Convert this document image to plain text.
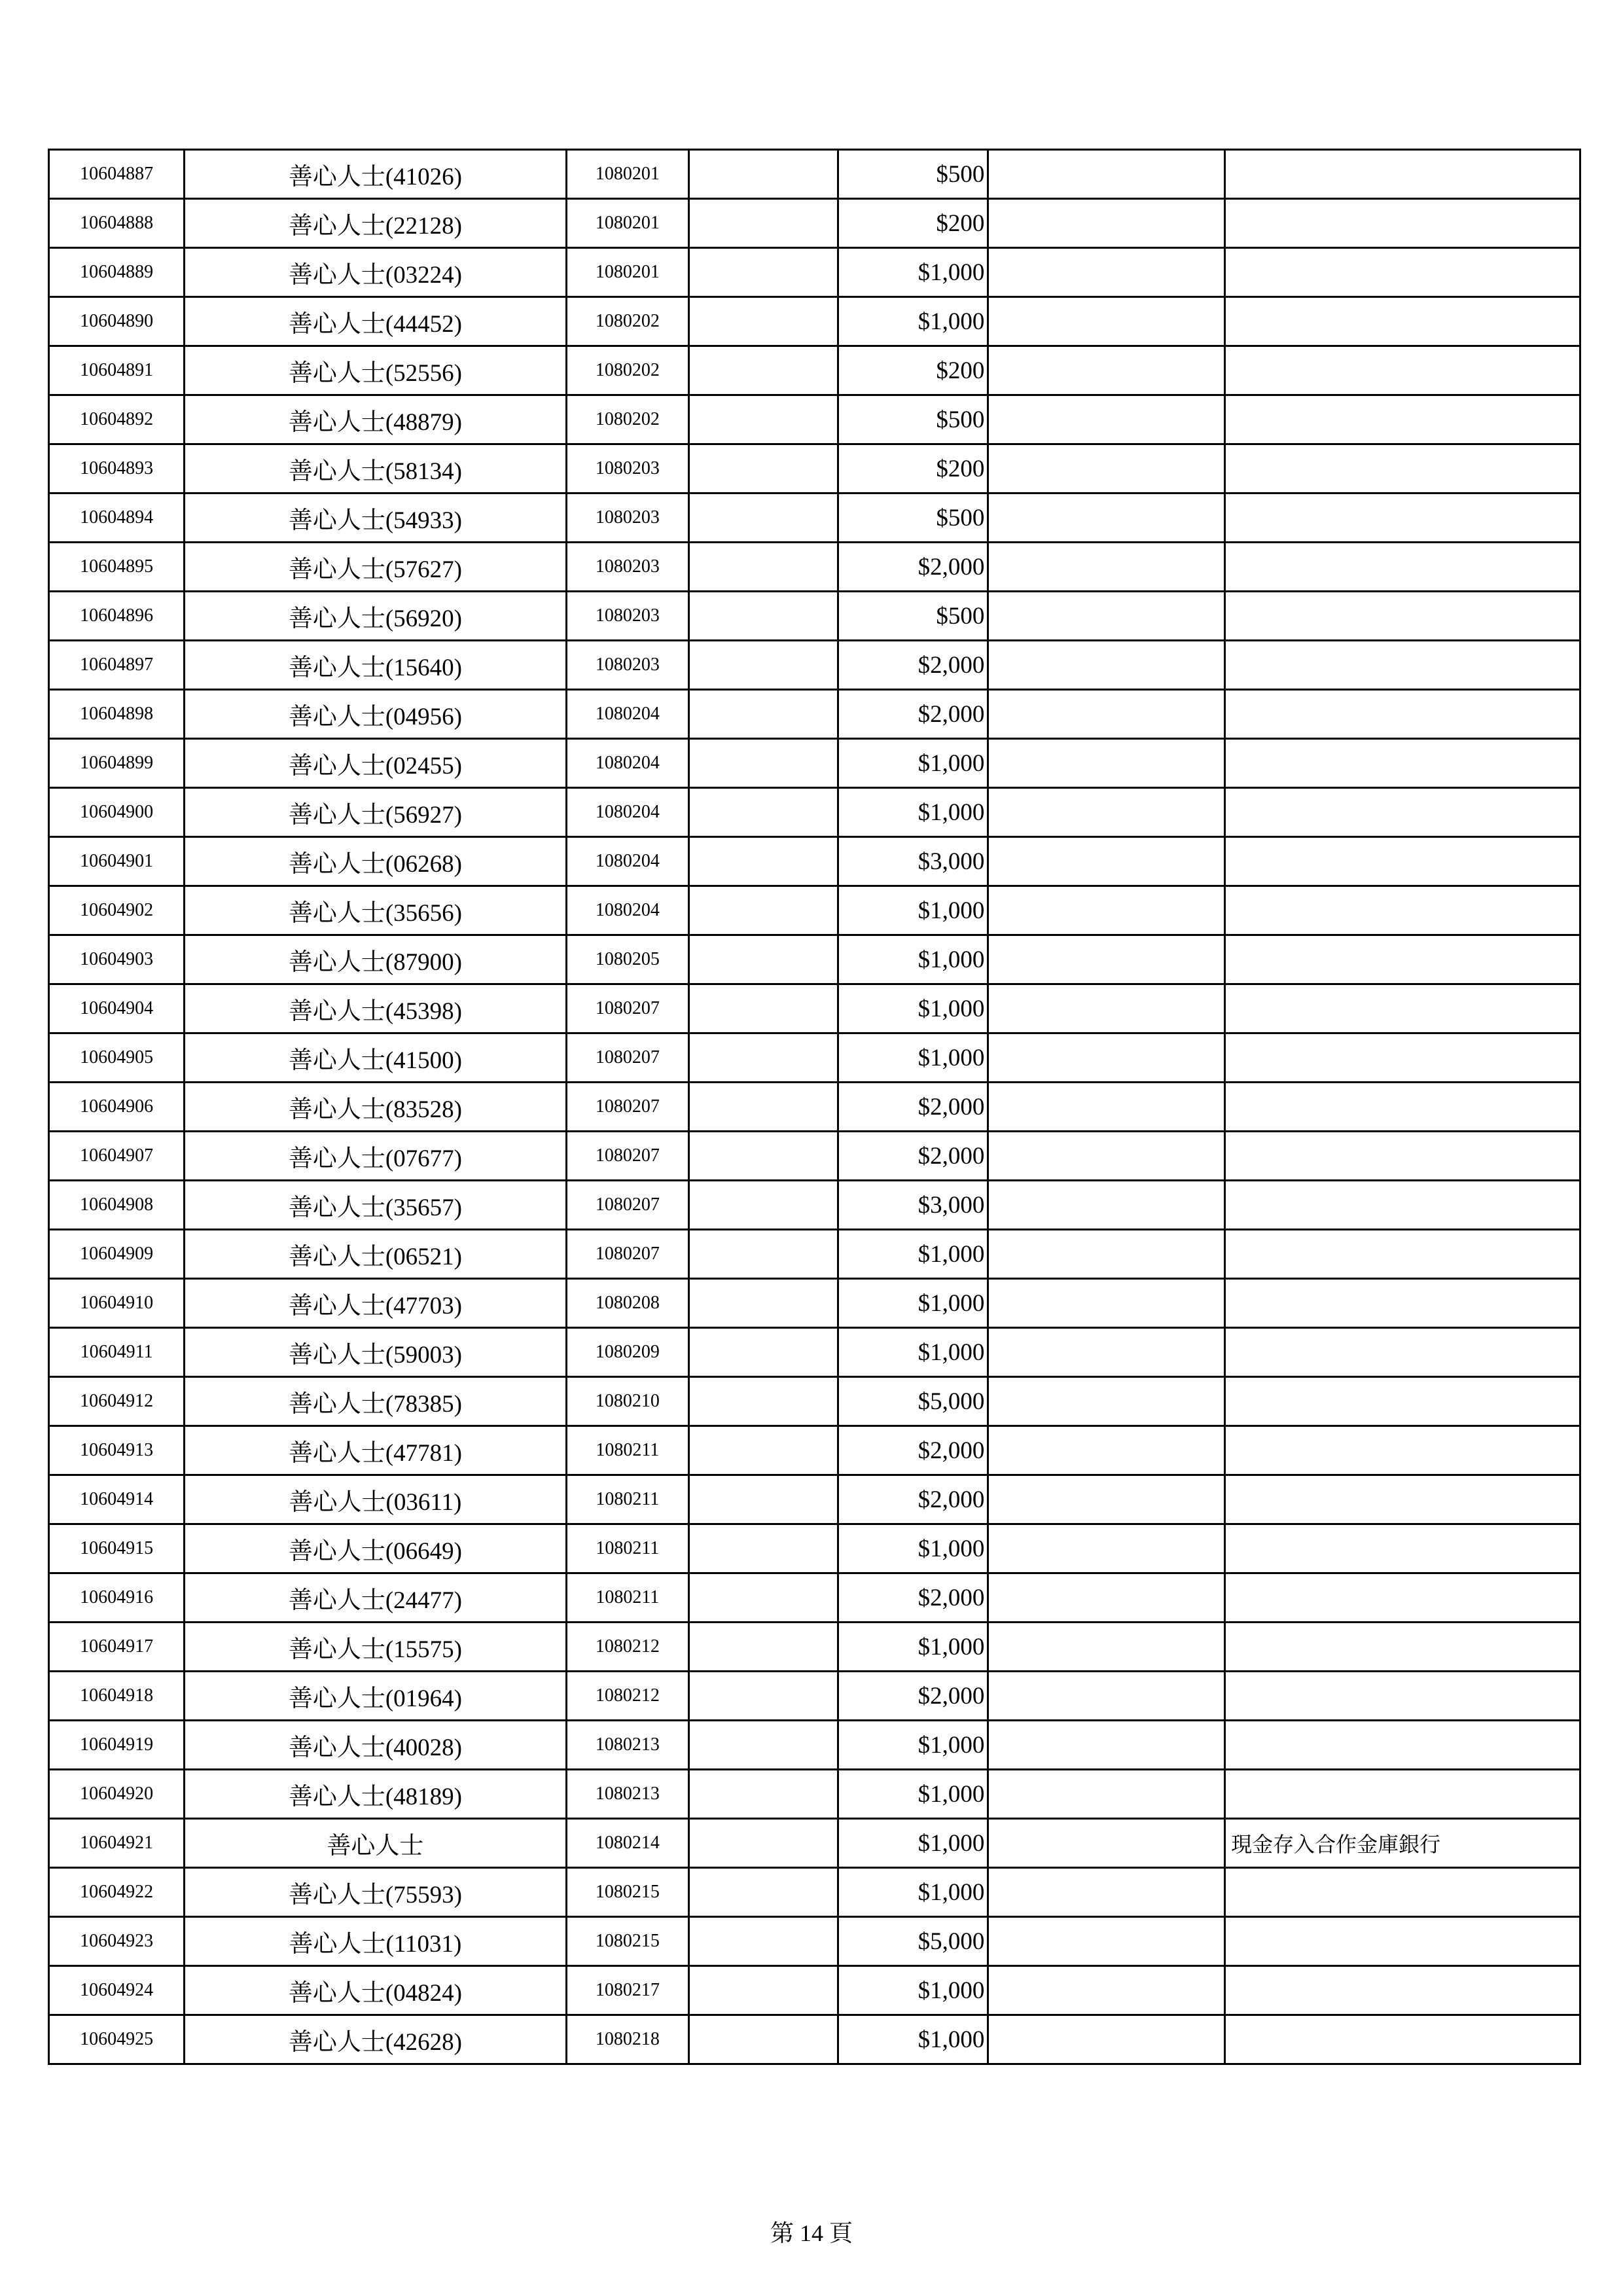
10604887	善心人士(41026)	1080201		$500		
10604888	善心人士(22128)	1080201		$200		
10604889	善心人士(03224)	1080201		$1,000		
10604890	善心人士(44452)	1080202		$1,000		
10604891	善心人士(52556)	1080202		$200		
10604892	善心人士(48879)	1080202		$500		
10604893	善心人士(58134)	1080203		$200		
10604894	善心人士(54933)	1080203		$500		
10604895	善心人士(57627)	1080203		$2,000		
10604896	善心人士(56920)	1080203		$500		
10604897	善心人士(15640)	1080203		$2,000		
10604898	善心人士(04956)	1080204		$2,000		
10604899	善心人士(02455)	1080204		$1,000		
10604900	善心人士(56927)	1080204		$1,000		
10604901	善心人士(06268)	1080204		$3,000		
10604902	善心人士(35656)	1080204		$1,000		
10604903	善心人士(87900)	1080205		$1,000		
10604904	善心人士(45398)	1080207		$1,000		
10604905	善心人士(41500)	1080207		$1,000		
10604906	善心人士(83528)	1080207		$2,000		
10604907	善心人士(07677)	1080207		$2,000		
10604908	善心人士(35657)	1080207		$3,000		
10604909	善心人士(06521)	1080207		$1,000		
10604910	善心人士(47703)	1080208		$1,000		
10604911	善心人士(59003)	1080209		$1,000		
10604912	善心人士(78385)	1080210		$5,000		
10604913	善心人士(47781)	1080211		$2,000		
10604914	善心人士(03611)	1080211		$2,000		
10604915	善心人士(06649)	1080211		$1,000		
10604916	善心人士(24477)	1080211		$2,000		
10604917	善心人士(15575)	1080212		$1,000		
10604918	善心人士(01964)	1080212		$2,000		
10604919	善心人士(40028)	1080213		$1,000		
10604920	善心人士(48189)	1080213		$1,000		
10604921	善心人士	1080214		$1,000		現金存入合作金庫銀行
10604922	善心人士(75593)	1080215		$1,000		
10604923	善心人士(11031)	1080215		$5,000		
10604924	善心人士(04824)	1080217		$1,000		
10604925	善心人士(42628)	1080218		$1,000		
第 14 頁
